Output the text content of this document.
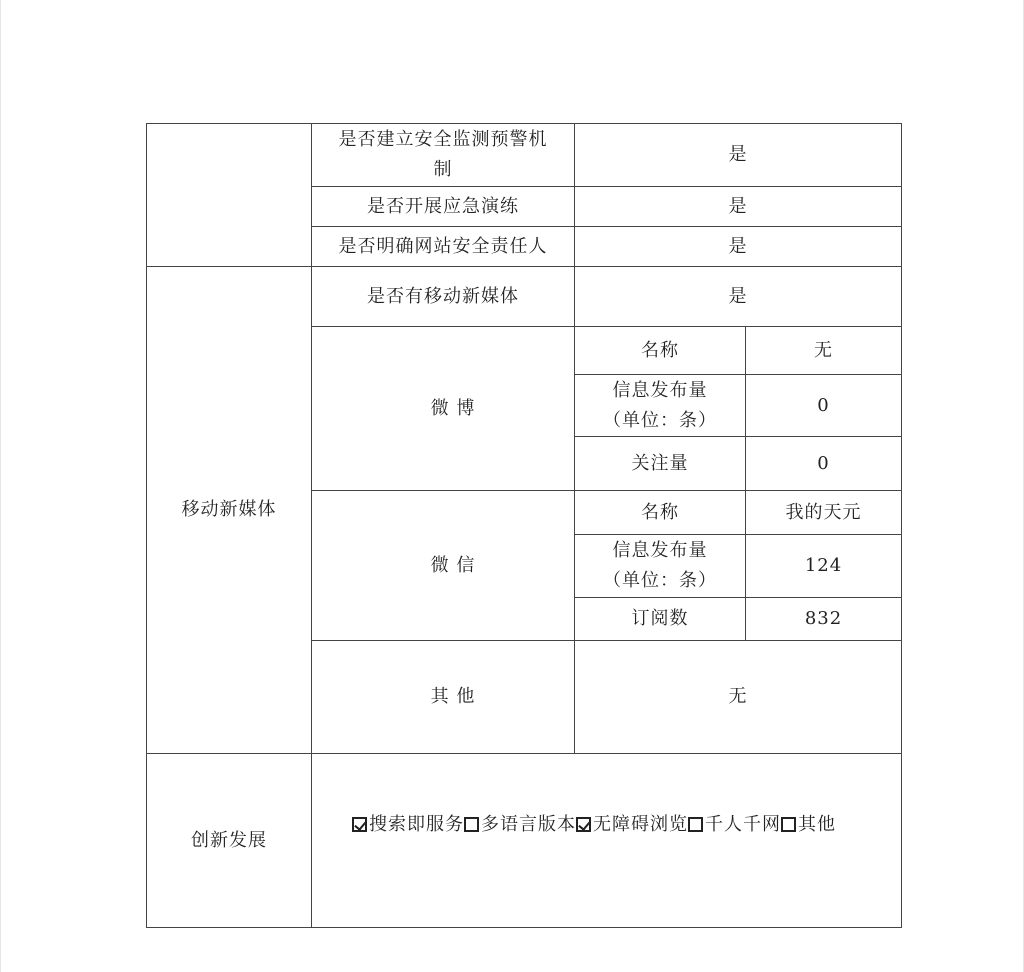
	是否建立安全监测预警机制	是	
	是否开展应急演练	是	
	是否明确网站安全责任人	是	
移动新媒体	是否有移动新媒体	是	
	微 博	名称	无

		信息发布量
（单位：条）	0
		关注量	0
	微 信	名称	我的天元

		信息发布量
（单位：条）	124
		订阅数	832
	其 他	无	
创新发展	搜索即服务 多语言版本 无障碍浏览 千人千网 其他		
